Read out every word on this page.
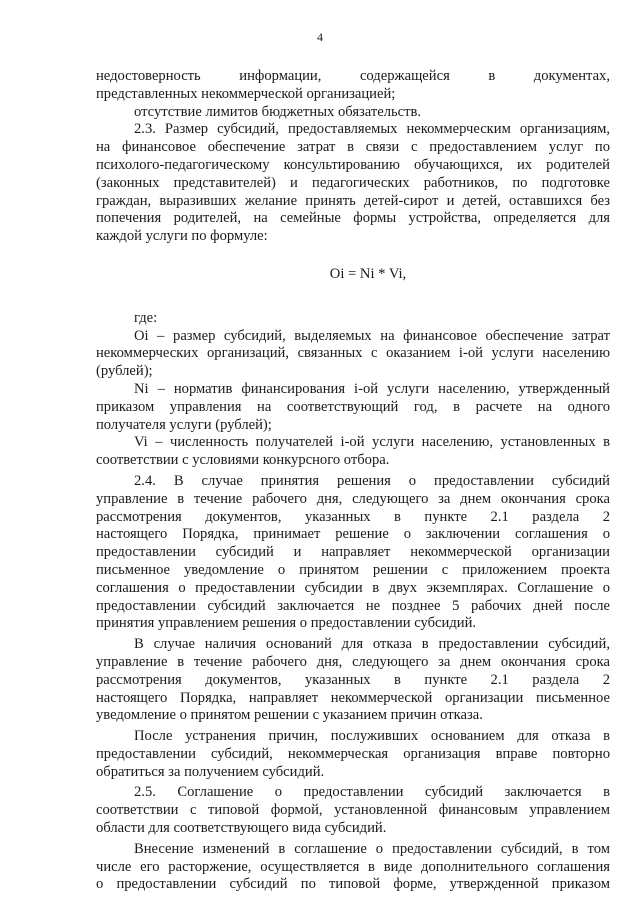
4
недостоверность информации, содержащейся в документах,
представленных некоммерческой организацией;
отсутствие лимитов бюджетных обязательств.
2.3. Размер субсидий, предоставляемых некоммерческим организациям,
на финансовое обеспечение затрат в связи с предоставлением услуг по
психолого-педагогическому консультированию обучающихся, их родителей
(законных представителей) и педагогических работников, по подготовке
граждан, выразивших желание принять детей-сирот и детей, оставшихся без
попечения родителей, на семейные формы устройства, определяется для
каждой услуги по формуле:
Oi = Ni * Vi,
где:
Oi – размер субсидий, выделяемых на финансовое обеспечение затрат
некоммерческих организаций, связанных с оказанием i-ой услуги населению
(рублей);
Ni – норматив финансирования i-ой услуги населению, утвержденный
приказом управления на соответствующий год, в расчете на одного
получателя услуги (рублей);
Vi – численность получателей i-ой услуги населению, установленных в
соответствии с условиями конкурсного отбора.
2.4. В случае принятия решения о предоставлении субсидий
управление в течение рабочего дня, следующего за днем окончания срока
рассмотрения документов, указанных в пункте 2.1 раздела 2
настоящего Порядка, принимает решение о заключении соглашения о
предоставлении субсидий и направляет некоммерческой организации
письменное уведомление о принятом решении с приложением проекта
соглашения о предоставлении субсидии в двух экземплярах. Соглашение о
предоставлении субсидий заключается не позднее 5 рабочих дней после
принятия управлением решения о предоставлении субсидий.
В случае наличия оснований для отказа в предоставлении субсидий,
управление в течение рабочего дня, следующего за днем окончания срока
рассмотрения документов, указанных в пункте 2.1 раздела 2
настоящего Порядка, направляет некоммерческой организации письменное
уведомление о принятом решении с указанием причин отказа.
После устранения причин, послуживших основанием для отказа в
предоставлении субсидий, некоммерческая организация вправе повторно
обратиться за получением субсидий.
2.5. Соглашение о предоставлении субсидий заключается в
соответствии с типовой формой, установленной финансовым управлением
области для соответствующего вида субсидий.
Внесение изменений в соглашение о предоставлении субсидий, в том
числе его расторжение, осуществляется в виде дополнительного соглашения
о предоставлении субсидий по типовой форме, утвержденной приказом
